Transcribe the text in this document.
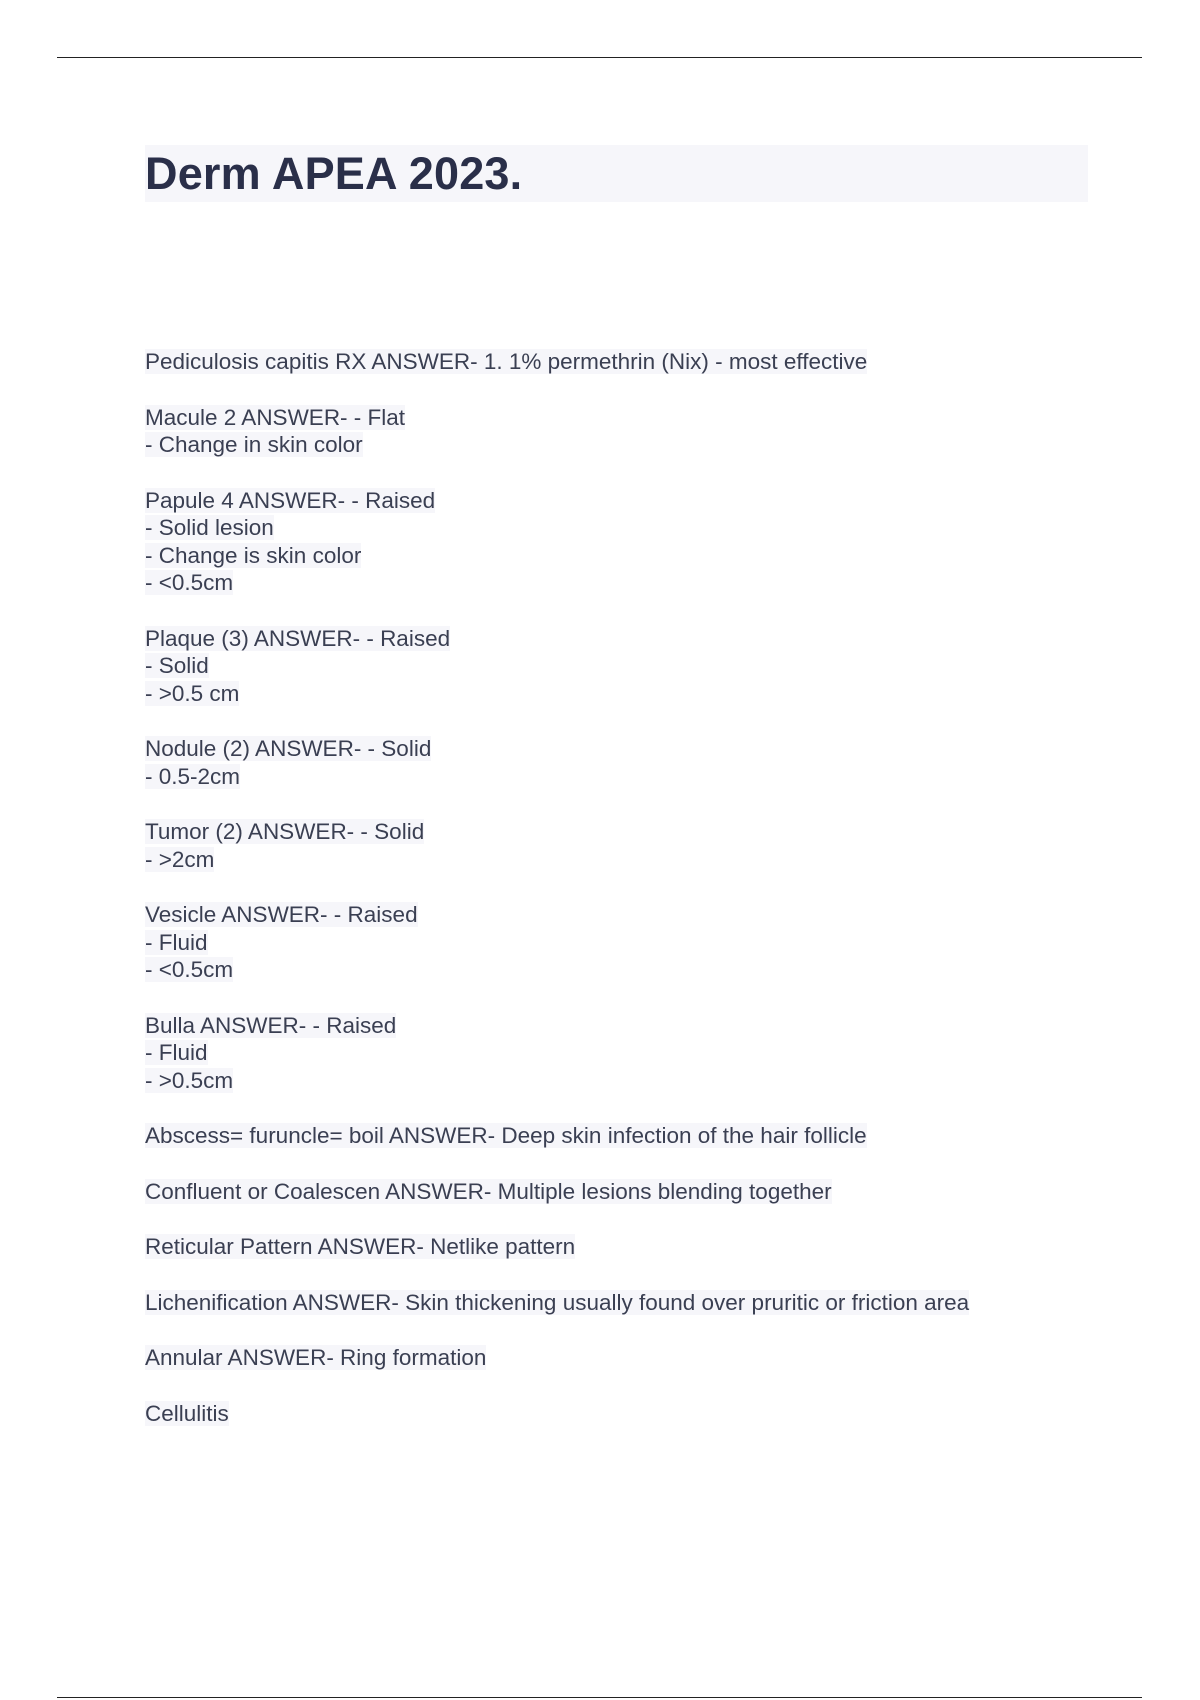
Derm APEA 2023.
Pediculosis capitis RX ANSWER- 1. 1% permethrin (Nix) - most effective
Macule 2 ANSWER- - Flat
- Change in skin color
Papule 4 ANSWER- - Raised
- Solid lesion
- Change is skin color
- <0.5cm
Plaque (3) ANSWER- - Raised
- Solid
- >0.5 cm
Nodule (2) ANSWER- - Solid
- 0.5-2cm
Tumor (2) ANSWER- - Solid
- >2cm
Vesicle ANSWER- - Raised
- Fluid
- <0.5cm
Bulla ANSWER- - Raised
- Fluid
- >0.5cm
Abscess= furuncle= boil ANSWER- Deep skin infection of the hair follicle
Confluent or Coalescen ANSWER- Multiple lesions blending together
Reticular Pattern ANSWER- Netlike pattern
Lichenification ANSWER- Skin thickening usually found over pruritic or friction area
Annular ANSWER- Ring formation
Cellulitis
